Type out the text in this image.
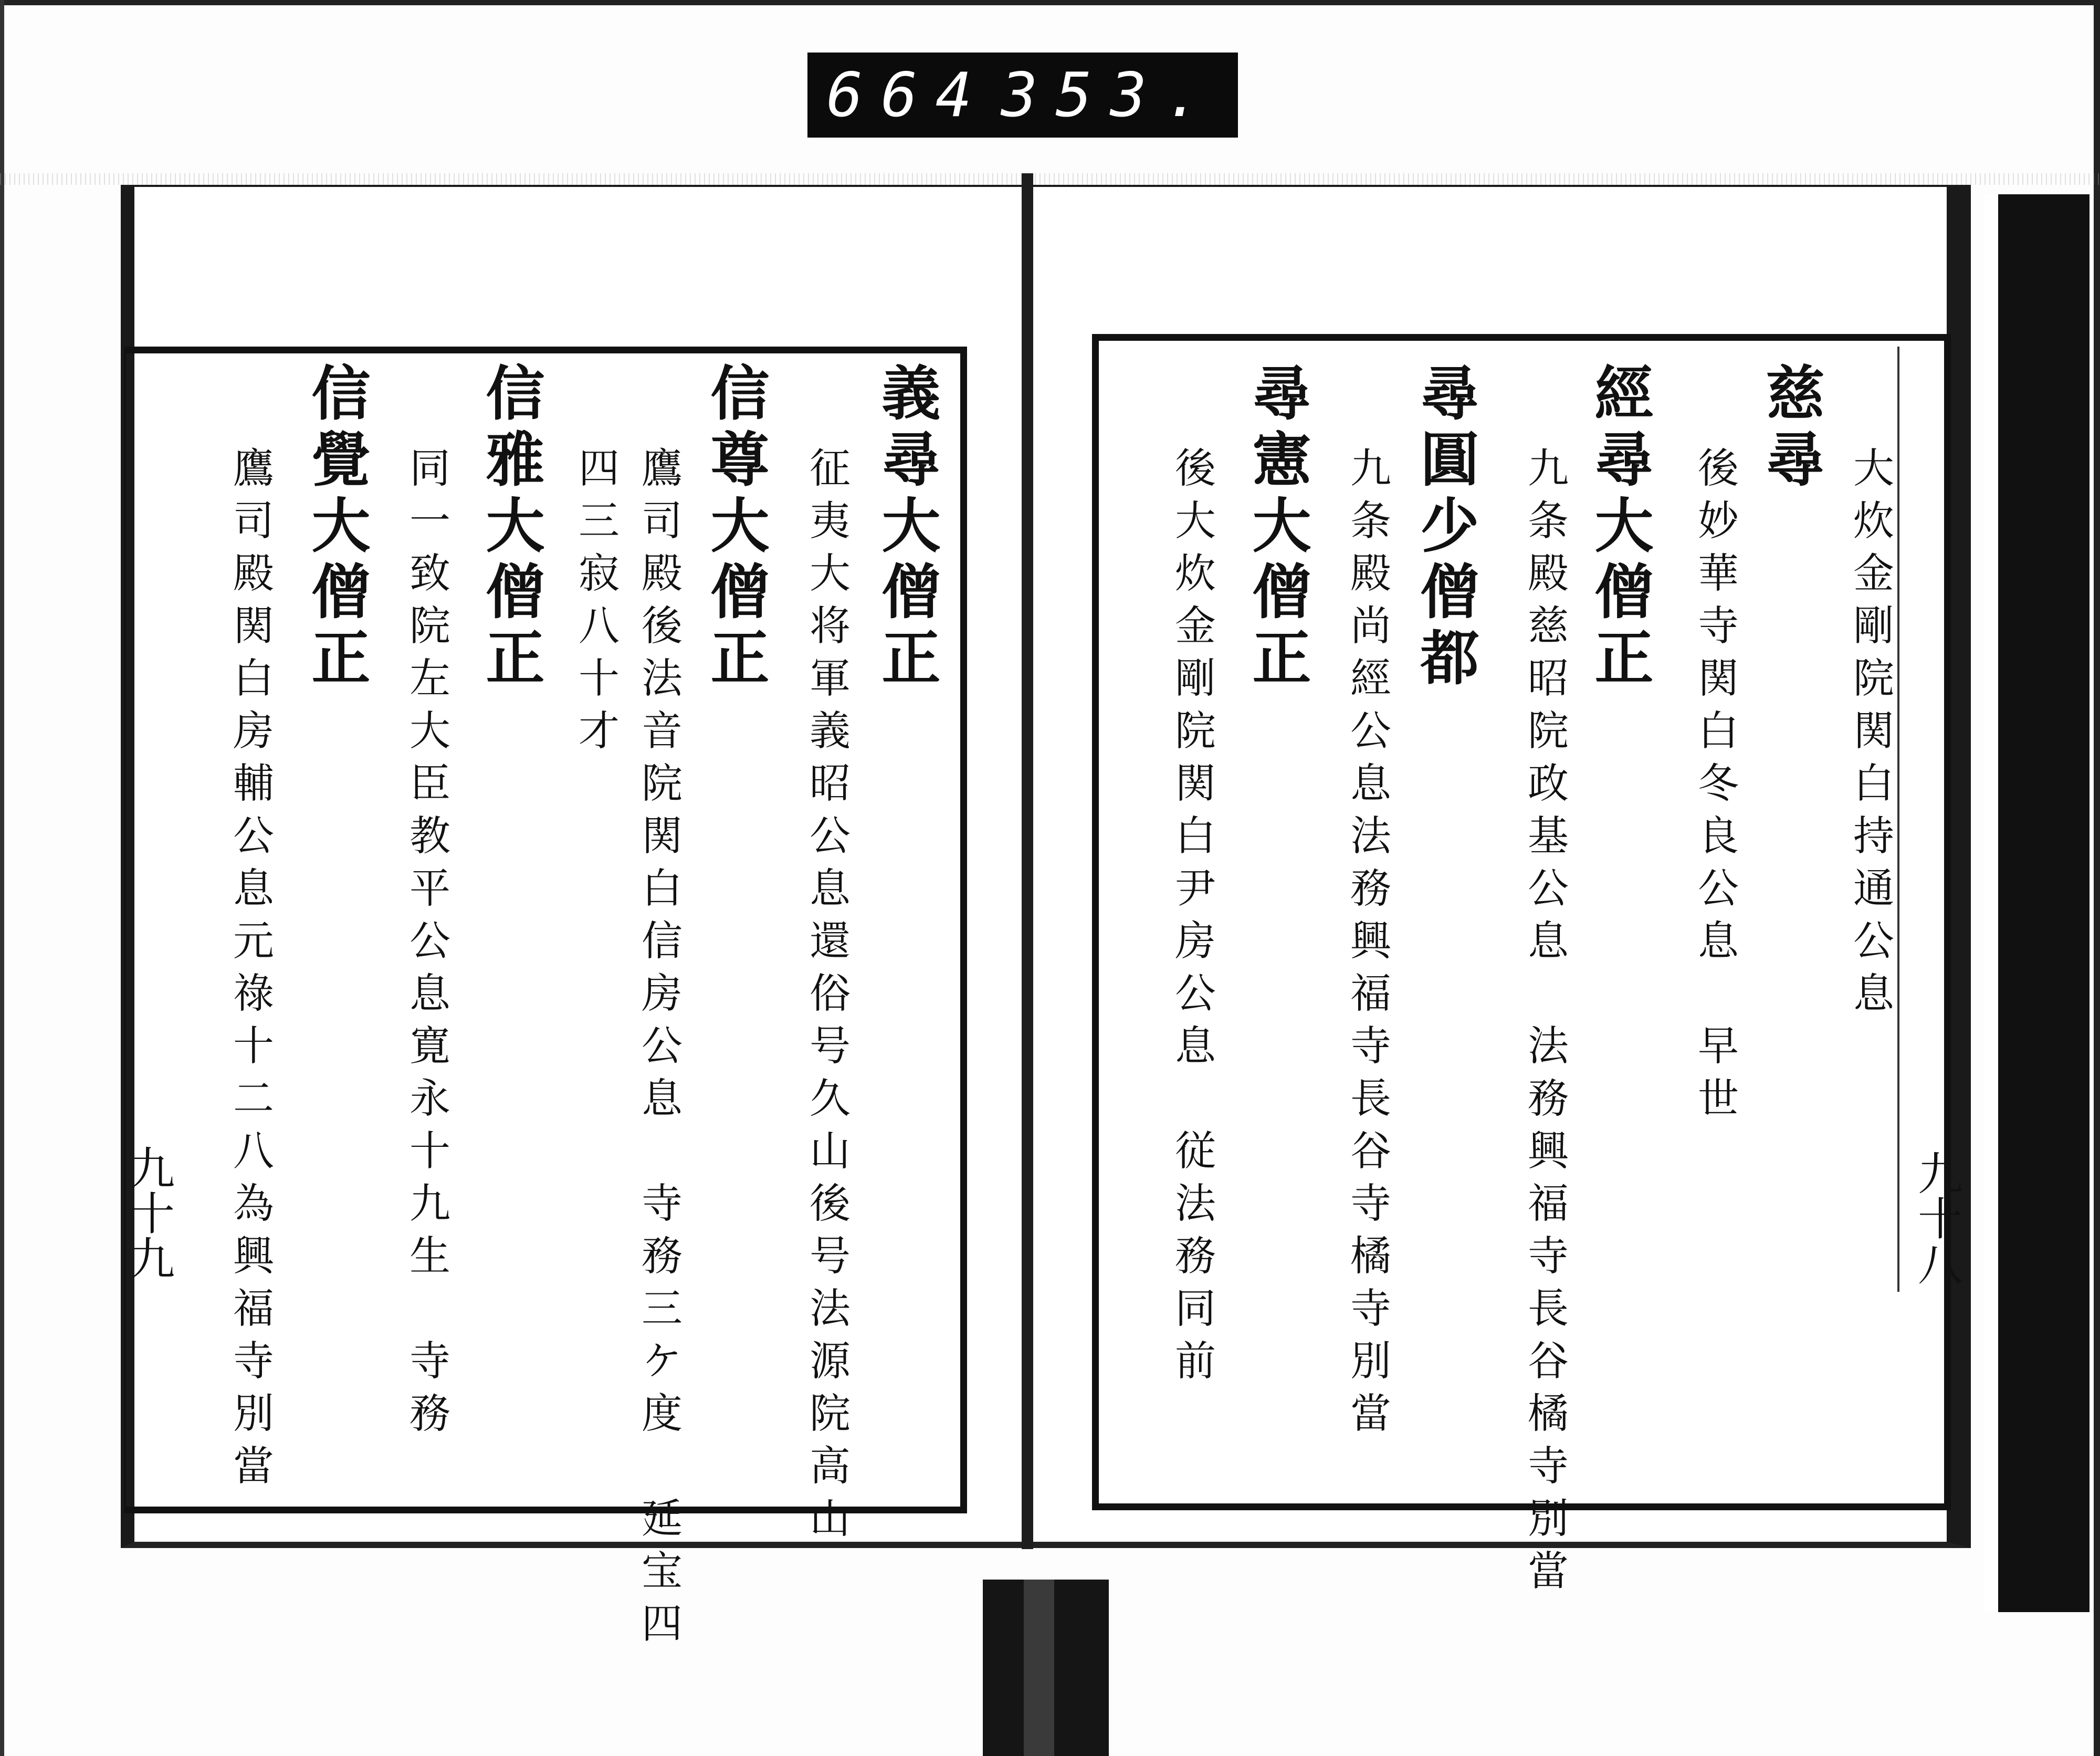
664 353.
大炊金剛院関白持通公息
慈尋
後妙華寺関白冬良公息　早世
經尋大僧正
九条殿慈昭院政基公息　法務興福寺長谷橘寺別當
尋圓少僧都
九条殿尚經公息法務興福寺長谷寺橘寺別當
尋憲大僧正
後大炊金剛院関白尹房公息　従法務同前	九十八
義尋大僧正
征夷大将軍義昭公息還俗号久山後号法源院高山
信尊大僧正
鷹司殿後法音院関白信房公息　寺務三ケ度　延宝四
四三寂八十才
信雅大僧正
同一致院左大臣教平公息寛永十九生　寺務
信覺大僧正
鷹司殿関白房輔公息元祿十二八為興福寺別當
九十九
